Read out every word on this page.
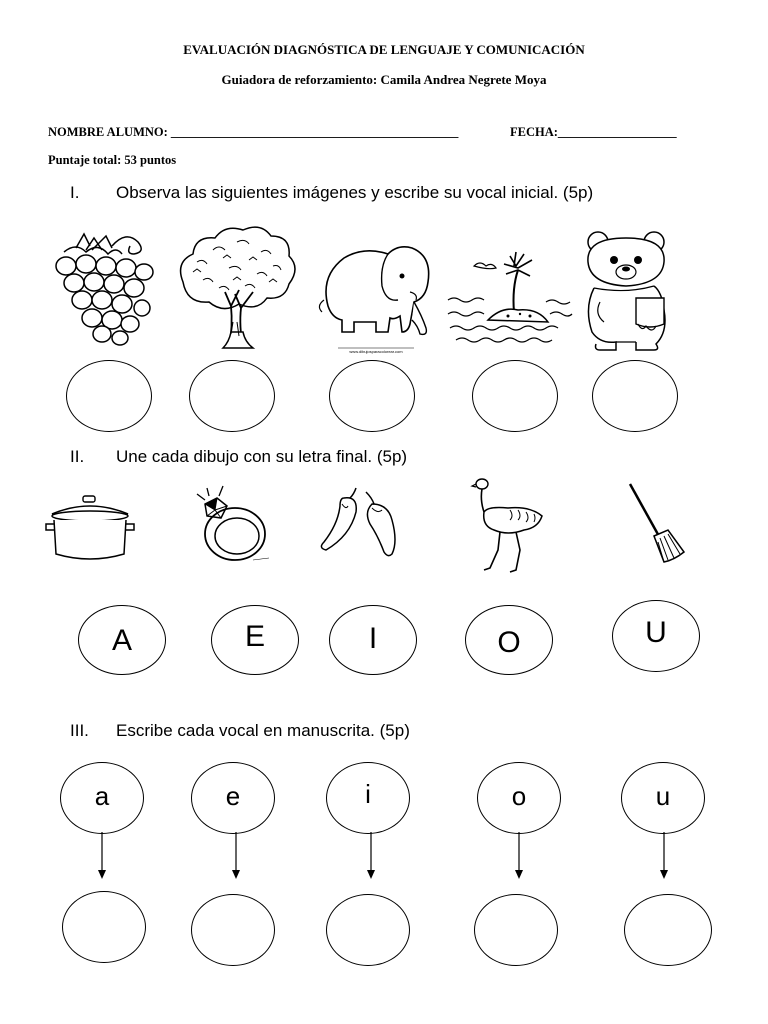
EVALUACIÓN DIAGNÓSTICA DE LENGUAJE Y COMUNICACIÓN
Guiadora de reforzamiento: Camila Andrea Negrete Moya
NOMBRE ALUMNO: ______________________________________________	FECHA:___________________
Puntaje total: 53 puntos
I. Observa las siguientes imágenes y escribe su vocal inicial. (5p)
www.dibujosparacolorear.com
II. Une cada dibujo con su letra final. (5p)
A	E	I	O	U
III. Escribe cada vocal en manuscrita. (5p)
a	e	i	o	u
